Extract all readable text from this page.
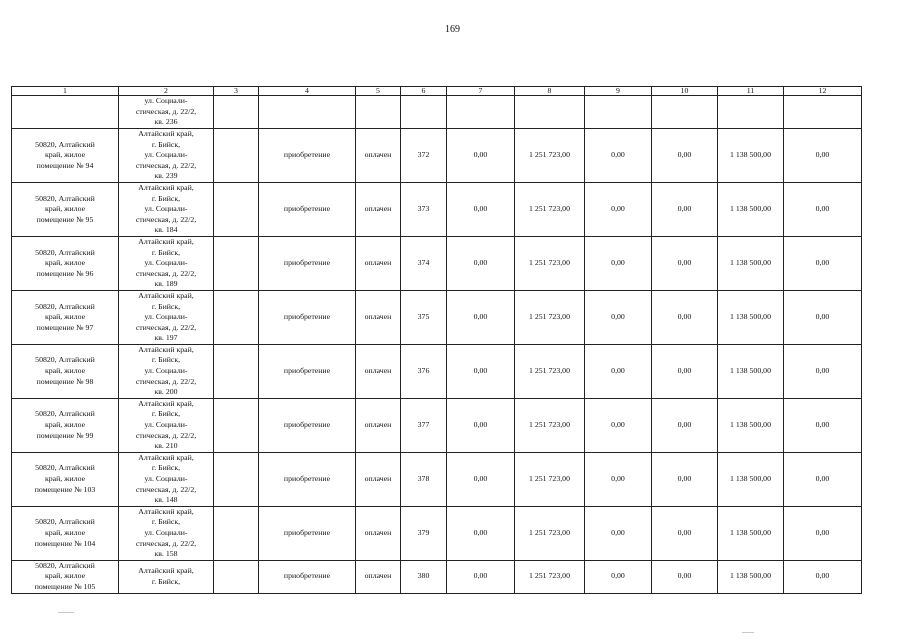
169
1	2	3	4	5	6	7	8	9	10	11	12

	ул. Социали-
стическая, д. 22/2,
кв. 236										

50820, Алтайский
край, жилое
помещение № 94	Алтайский край,
г. Бийск,
ул. Социали-
стическая, д. 22/2,
кв. 239		приобретение	оплачен	372	0,00	1 251 723,00	0,00	0,00	1 138 500,00	0,00

50820, Алтайский
край, жилое
помещение № 95	Алтайский край,
г. Бийск,
ул. Социали-
стическая, д. 22/2,
кв. 184		приобретение	оплачен	373	0,00	1 251 723,00	0,00	0,00	1 138 500,00	0,00

50820, Алтайский
край, жилое
помещение № 96	Алтайский край,
г. Бийск,
ул. Социали-
стическая, д. 22/2,
кв. 189		приобретение	оплачен	374	0,00	1 251 723,00	0,00	0,00	1 138 500,00	0,00

50820, Алтайский
край, жилое
помещение № 97	Алтайский край,
г. Бийск,
ул. Социали-
стическая, д. 22/2,
кв. 197		приобретение	оплачен	375	0,00	1 251 723,00	0,00	0,00	1 138 500,00	0,00

50820, Алтайский
край, жилое
помещение № 98	Алтайский край,
г. Бийск,
ул. Социали-
стическая, д. 22/2,
кв. 200		приобретение	оплачен	376	0,00	1 251 723,00	0,00	0,00	1 138 500,00	0,00

50820, Алтайский
край, жилое
помещение № 99	Алтайский край,
г. Бийск,
ул. Социали-
стическая, д. 22/2,
кв. 210		приобретение	оплачен	377	0,00	1 251 723,00	0,00	0,00	1 138 500,00	0,00

50820, Алтайский
край, жилое
помещение № 103	Алтайский край,
г. Бийск,
ул. Социали-
стическая, д. 22/2,
кв. 148		приобретение	оплачен	378	0,00	1 251 723,00	0,00	0,00	1 138 500,00	0,00

50820, Алтайский
край, жилое
помещение № 104	Алтайский край,
г. Бийск,
ул. Социали-
стическая, д. 22/2,
кв. 158		приобретение	оплачен	379	0,00	1 251 723,00	0,00	0,00	1 138 500,00	0,00

50820, Алтайский
край, жилое
помещение № 105	Алтайский край,
г. Бийск,		приобретение	оплачен	380	0,00	1 251 723,00	0,00	0,00	1 138 500,00	0,00
